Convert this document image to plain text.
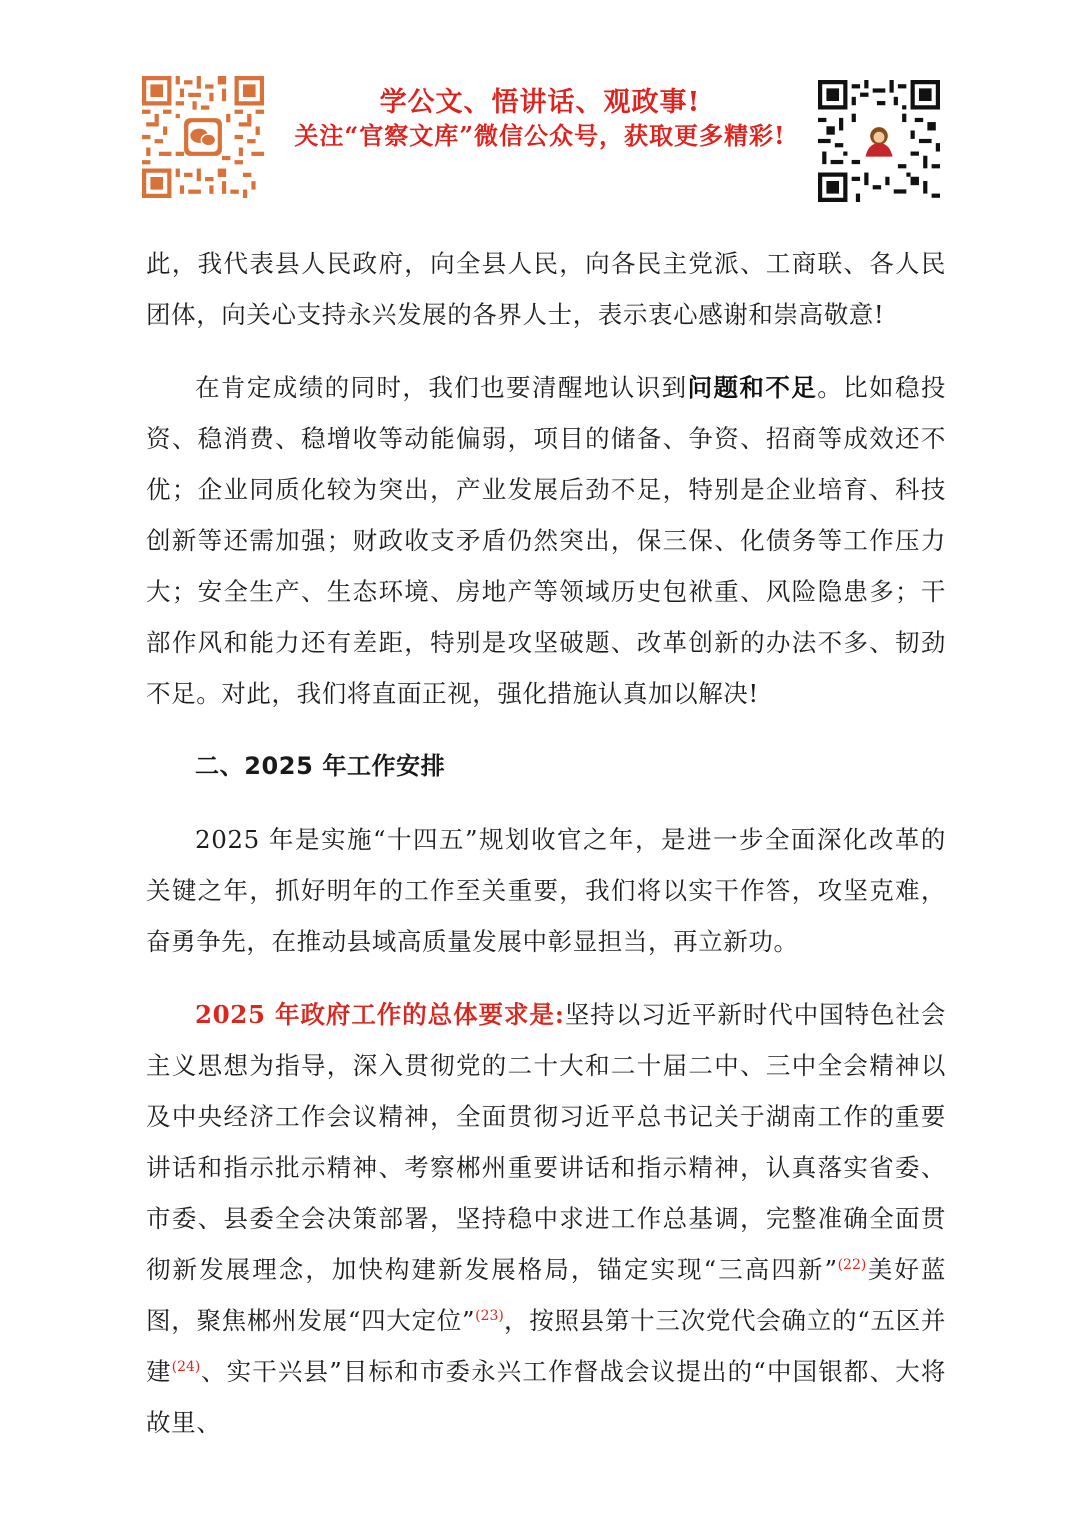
学公文、悟讲话、观政事!
关注“官察文库”微信公众号，获取更多精彩!

此，我代表县人民政府，向全县人民，向各民主党派、工商联、各人民团体，向关心支持永兴发展的各界人士，表示衷心感谢和崇高敬意!

在肯定成绩的同时，我们也要清醒地认识到问题和不足。比如稳投资、稳消费、稳增收等动能偏弱，项目的储备、争资、招商等成效还不优；企业同质化较为突出，产业发展后劲不足，特别是企业培育、科技创新等还需加强；财政收支矛盾仍然突出，保三保、化债务等工作压力大；安全生产、生态环境、房地产等领域历史包袱重、风险隐患多；干部作风和能力还有差距，特别是攻坚破题、改革创新的办法不多、韧劲不足。对此，我们将直面正视，强化措施认真加以解决!

二、2025 年工作安排

2025 年是实施“十四五”规划收官之年，是进一步全面深化改革的关键之年，抓好明年的工作至关重要，我们将以实干作答，攻坚克难，奋勇争先，在推动县域高质量发展中彰显担当，再立新功。

2025 年政府工作的总体要求是:坚持以习近平新时代中国特色社会主义思想为指导，深入贯彻党的二十大和二十届二中、三中全会精神以及中央经济工作会议精神，全面贯彻习近平总书记关于湖南工作的重要讲话和指示批示精神、考察郴州重要讲话和指示精神，认真落实省委、市委、县委全会决策部署，坚持稳中求进工作总基调，完整准确全面贯彻新发展理念，加快构建新发展格局，锚定实现“三高四新”$^{(22)}$美好蓝图，聚焦郴州发展“四大定位”$^{(23)}$，按照县第十三次党代会确立的“五区并建$^{(24)}$、实干兴县”目标和市委永兴工作督战会议提出的“中国银都、大将故里、
